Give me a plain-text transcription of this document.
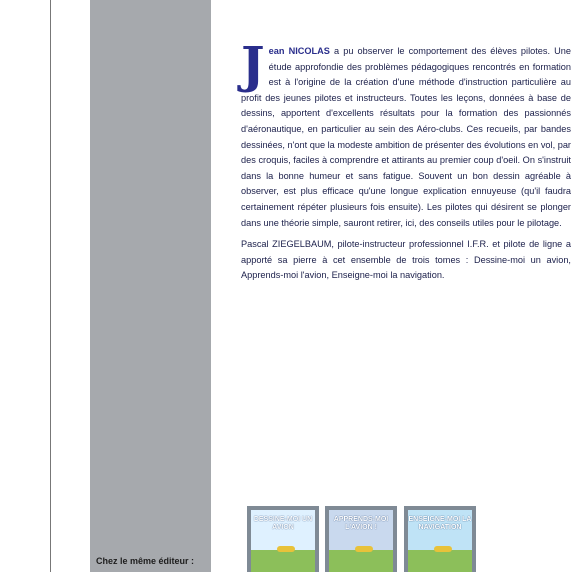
J ean NICOLAS a pu observer le comportement des élèves pilotes. Une étude approfondie des problèmes pédagogiques rencontrés en formation est à l'origine de la création d'une méthode d'instruction particulière au profit des jeunes pilotes et instructeurs. Toutes les leçons, données à base de dessins, apportent d'excellents résultats pour la formation des passionnés d'aéronautique, en particulier au sein des Aéro-clubs. Ces recueils, par bandes dessinées, n'ont que la modeste ambition de présenter des évolutions en vol, par des croquis, faciles à comprendre et attirants au premier coup d'oeil. On s'instruit dans la bonne humeur et sans fatigue. Souvent un bon dessin agréable à observer, est plus efficace qu'une longue explication ennuyeuse (qu'il faudra certainement répéter plusieurs fois ensuite). Les pilotes qui désirent se plonger dans une théorie simple, sauront retirer, ici, des conseils utiles pour le pilotage.
Pascal ZIEGELBAUM, pilote-instructeur professionnel I.F.R. et pilote de ligne a apporté sa pierre à cet ensemble de trois tomes : Dessine-moi un avion, Apprends-moi l'avion, Enseigne-moi la navigation.
Chez le même éditeur :
DESSINE-MOI UN AVION
APPRENDS-MOI L'AVION !
ENSEIGNE-MOI LA NAVIGATION
